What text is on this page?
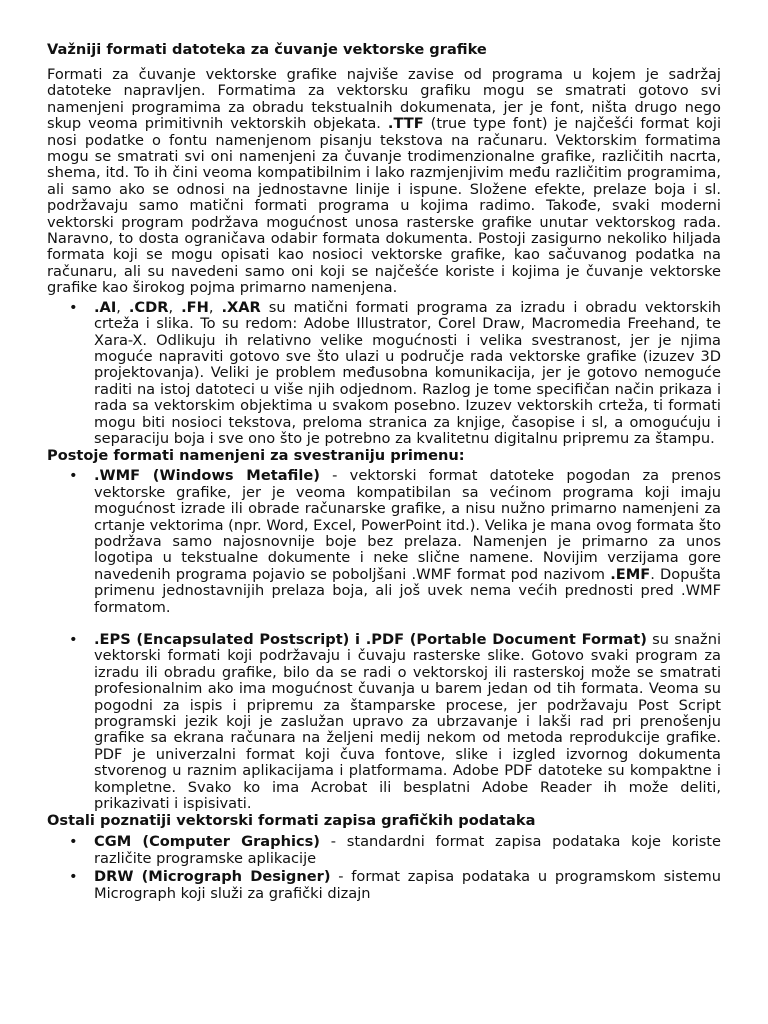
Važniji formati datoteka za čuvanje vektorske grafike

Formati za čuvanje vektorske grafike najviše zavise od programa u kojem je sadržaj datoteke napravljen. Formatima za vektorsku grafiku mogu se smatrati gotovo svi namenjeni programima za obradu tekstualnih dokumenata, jer je font, ništa drugo nego skup veoma primitivnih vektorskih objekata. .TTF (true type font) je najčešći format koji nosi podatke o fontu namenjenom pisanju tekstova na računaru. Vektorskim formatima mogu se smatrati svi oni namenjeni za čuvanje trodimenzionalne grafike, različitih nacrta, shema, itd. To ih čini veoma kompatibilnim i lako razmjenjivim među različitim programima, ali samo ako se odnosi na jednostavne linije i ispune. Složene efekte, prelaze boja i sl. podržavaju samo matični formati programa u kojima radimo. Takođe, svaki moderni vektorski program podržava mogućnost unosa rasterske grafike unutar vektorskog rada. Naravno, to dosta ograničava odabir formata dokumenta. Postoji zasigurno nekoliko hiljada formata koji se mogu opisati kao nosioci vektorske grafike, kao sačuvanog podatka na računaru, ali su navedeni samo oni koji se najčešće koriste i kojima je čuvanje vektorske grafike kao širokog pojma primarno namenjena.

• .AI, .CDR, .FH, .XAR su matični formati programa za izradu i obradu vektorskih crteža i slika. To su redom: Adobe Illustrator, Corel Draw, Macromedia Freehand, te Xara-X. Odlikuju ih relativno velike mogućnosti i velika svestranost, jer je njima moguće napraviti gotovo sve što ulazi u područje rada vektorske grafike (izuzev 3D projektovanja). Veliki je problem međusobna komunikacija, jer je gotovo nemoguće raditi na istoj datoteci u više njih odjednom. Razlog je tome specifičan način prikaza i rada sa vektorskim objektima u svakom posebno. Izuzev vektorskih crteža, ti formati mogu biti nosioci tekstova, preloma stranica za knjige, časopise i sl, a omogućuju i separaciju boja i sve ono što je potrebno za kvalitetnu digitalnu pripremu za štampu.
Postoje formati namenjeni za svestraniju primenu:
• .WMF (Windows Metafile) - vektorski format datoteke pogodan za prenos vektorske grafike, jer je veoma kompatibilan sa većinom programa koji imaju mogućnost izrade ili obrade računarske grafike, a nisu nužno primarno namenjeni za crtanje vektorima (npr. Word, Excel, PowerPoint itd.). Velika je mana ovog formata što podržava samo najosnovnije boje bez prelaza. Namenjen je primarno za unos logotipa u tekstualne dokumente i neke slične namene. Novijim verzijama gore navedenih programa pojavio se poboljšani .WMF format pod nazivom .EMF. Dopušta primenu jednostavnijih prelaza boja, ali još uvek nema većih prednosti pred .WMF formatom.
• .EPS (Encapsulated Postscript) i .PDF (Portable Document Format) su snažni vektorski formati koji podržavaju i čuvaju rasterske slike. Gotovo svaki program za izradu ili obradu grafike, bilo da se radi o vektorskoj ili rasterskoj može se smatrati profesionalnim ako ima mogućnost čuvanja u barem jedan od tih formata. Veoma su pogodni za ispis i pripremu za štamparske procese, jer podržavaju Post Script programski jezik koji je zaslužan upravo za ubrzavanje i lakši rad pri prenošenju grafike sa ekrana računara na željeni medij nekom od metoda reprodukcije grafike. PDF je univerzalni format koji čuva fontove, slike i izgled izvornog dokumenta stvorenog u raznim aplikacijama i platformama. Adobe PDF datoteke su kompaktne i kompletne. Svako ko ima Acrobat ili besplatni Adobe Reader ih može deliti, prikazivati i ispisivati.
Ostali poznatiji vektorski formati zapisa grafičkih podataka
• CGM (Computer Graphics) - standardni format zapisa podataka koje koriste različite programske aplikacije
• DRW (Micrograph Designer) - format zapisa podataka u programskom sistemu Micrograph koji služi za grafički dizajn
